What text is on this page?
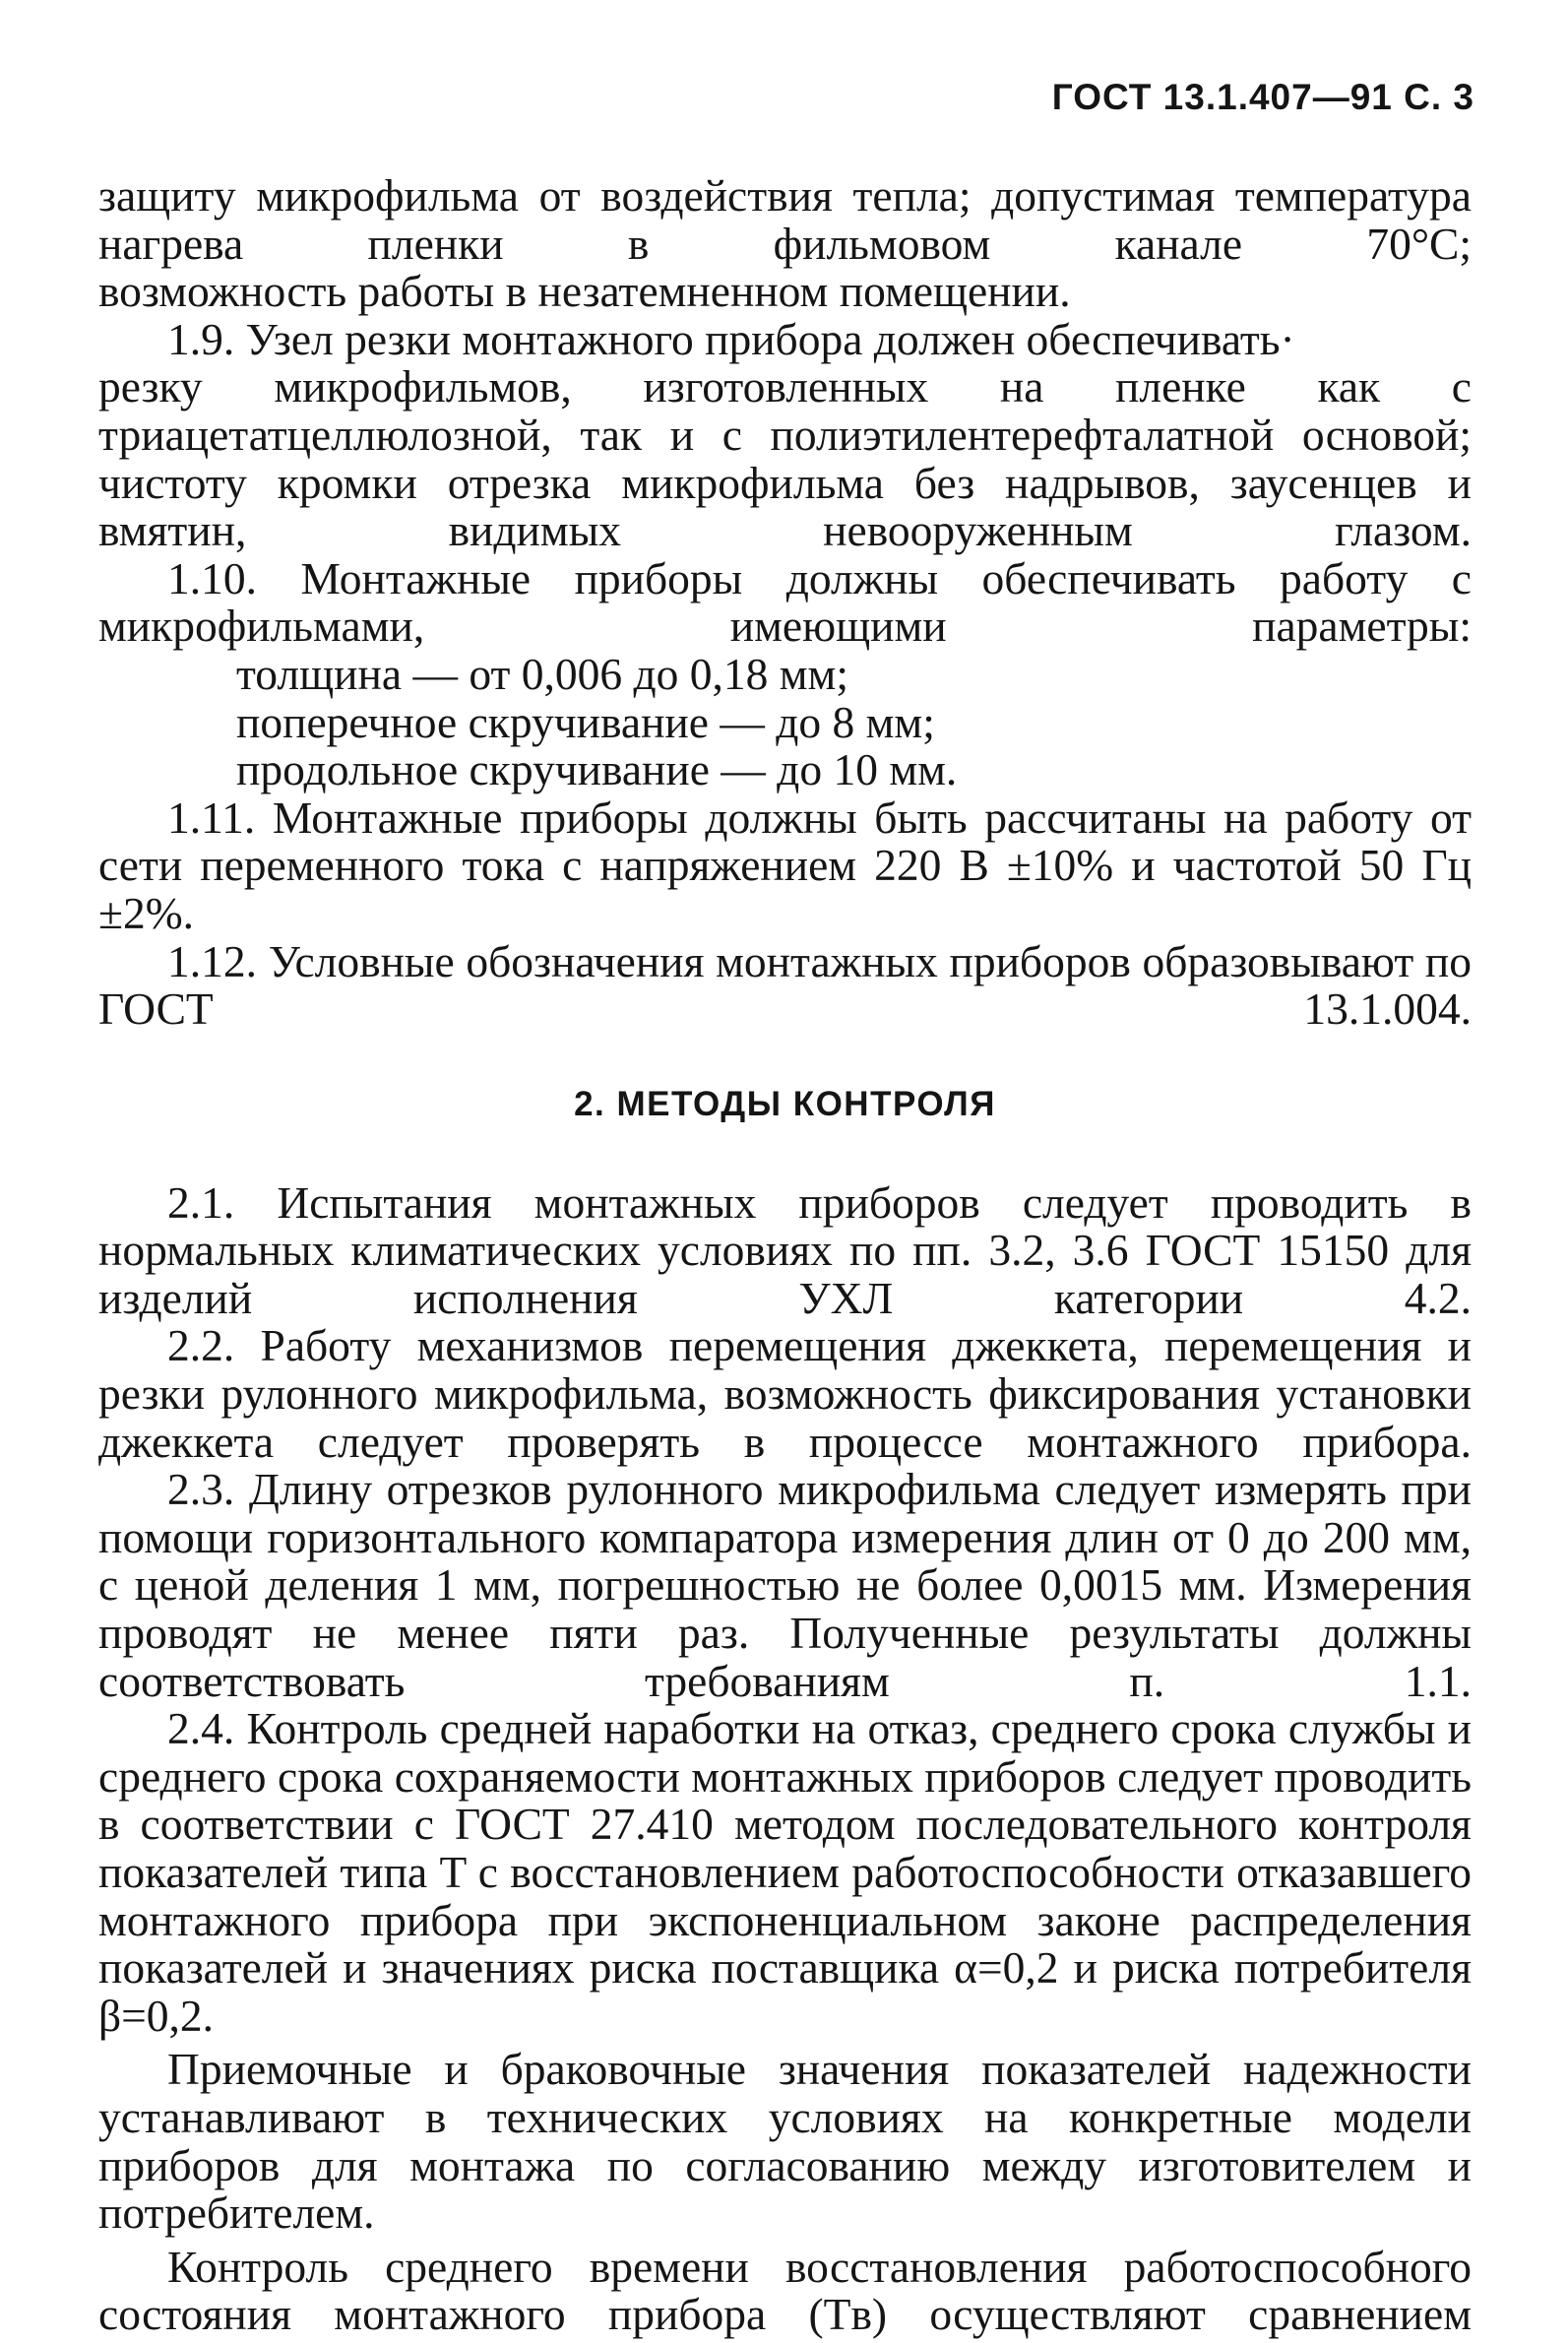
ГОСТ 13.1.407—91 С. 3

защиту микрофильма от воздействия тепла; допустимая температура нагрева пленки в фильмовом канале 70°С;

возможность работы в незатемненном помещении.

1.9. Узел резки монтажного прибора должен обеспечивать·

резку микрофильмов, изготовленных на пленке как с триацетатцеллюлозной, так и с полиэтилентерефталатной основой;

чистоту кромки отрезка микрофильма без надрывов, заусенцев и вмятин, видимых невооруженным глазом.

1.10. Монтажные приборы должны обеспечивать работу с микрофильмами, имеющими параметры:

толщина — от 0,006 до 0,18 мм;

поперечное скручивание — до 8 мм;

продольное скручивание — до 10 мм.

1.11. Монтажные приборы должны быть рассчитаны на работу от сети переменного тока с напряжением 220 В ±10% и частотой 50 Гц ±2%.

1.12. Условные обозначения монтажных приборов образовывают по ГОСТ 13.1.004.

2. МЕТОДЫ КОНТРОЛЯ

2.1. Испытания монтажных приборов следует проводить в нормальных климатических условиях по пп. 3.2, 3.6 ГОСТ 15150 для изделий исполнения УХЛ категории 4.2.

2.2. Работу механизмов перемещения джеккета, перемещения и резки рулонного микрофильма, возможность фиксирования установки джеккета следует проверять в процессе монтажного прибора.

2.3. Длину отрезков рулонного микрофильма следует измерять при помощи горизонтального компаратора измерения длин от 0 до 200 мм, с ценой деления 1 мм, погрешностью не более 0,0015 мм. Измерения проводят не менее пяти раз. Полученные результаты должны соответствовать требованиям п. 1.1.

2.4. Контроль средней наработки на отказ, среднего срока службы и среднего срока сохраняемости монтажных приборов следует проводить в соответствии с ГОСТ 27.410 методом последовательного контроля показателей типа T с восстановлением работоспособности отказавшего монтажного прибора при экспоненциальном законе распределения показателей и значениях риска поставщика α=0,2 и риска потребителя β=0,2.

Приемочные и браковочные значения показателей надежности устанавливают в технических условиях на конкретные модели приборов для монтажа по согласованию между изготовителем и потребителем.

Контроль среднего времени восстановления работоспособного состояния монтажного прибора (Tв) осуществляют сравнением
